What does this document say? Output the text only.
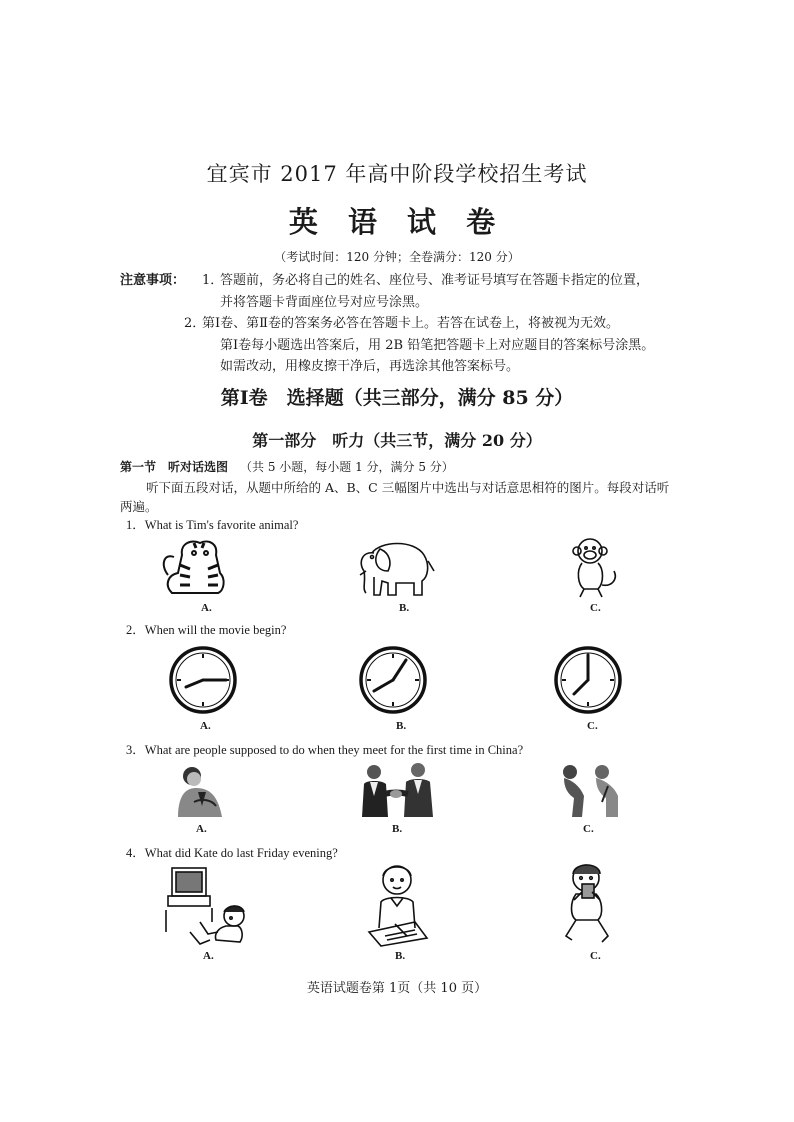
宜宾市 2017 年高中阶段学校招生考试
英 语 试 卷
（考试时间：120 分钟；全卷满分：120 分）
注意事项：	1．
答题前，务必将自己的姓名、座位号、准考证号填写在答题卡指定的位置，
并将答题卡背面座位号对应号涂黑。
2．
第Ⅰ卷、第Ⅱ卷的答案务必答在答题卡上。若答在试卷上，将被视为无效。
第Ⅰ卷每小题选出答案后，用 2B 铅笔把答题卡上对应题目的答案标号涂黑。
如需改动，用橡皮擦干净后，再选涂其他答案标号。
第Ⅰ卷　选择题（共三部分，满分 85 分）
第一部分　听力（共三节，满分 20 分）
第一节　听对话选图 （共 5 小题，每小题 1 分，满分 5 分）
听下面五段对话，从题中所给的 A、B、C 三幅图片中选出与对话意思相符的图片。每段对话听两遍。
1．What is Tim's favorite animal?
A.	B.	C.
2．When will the movie begin?
A.	B.	C.
3．What are people supposed to do when they meet for the first time in China?
A.	B.	C.
4．What did Kate do last Friday evening?
A.	B.	C.
英语试题卷第 1页（共 10 页）
